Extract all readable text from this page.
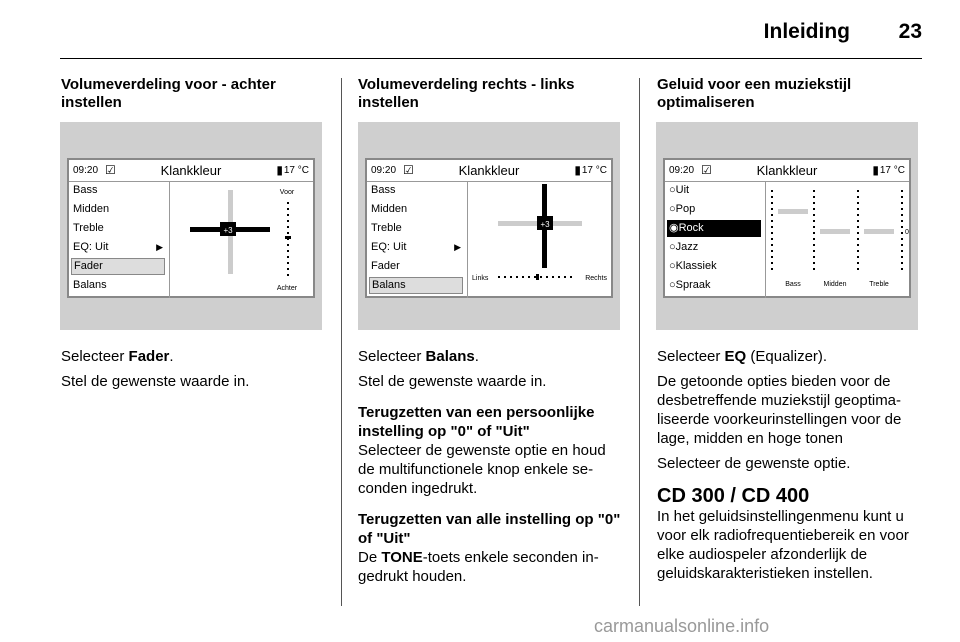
Inleiding	23
Volumeverdeling voor - achter instellen
09:20 ☑	Klankkleur	▮ 17 °C
Bass
Midden
Treble
EQ: Uit	▶
Fader
Balans
+3
Voor
Achter

Selecteer Fader.

Stel de gewenste waarde in.

Volumeverdeling rechts - links instellen
09:20 ☑	Klankkleur	▮ 17 °C
Bass
Midden
Treble
EQ: Uit	▶
Fader
Balans
+3
Links	Rechts

Selecteer Balans.

Stel de gewenste waarde in.

Terugzetten van een persoonlijke instelling op "0" of "Uit"

Selecteer de gewenste optie en houd de multifunctionele knop enkele se-conden ingedrukt.

Terugzetten van alle instelling op "0" of "Uit"

De TONE-toets enkele seconden in-gedrukt houden.

Geluid voor een muziekstijl optimaliseren
09:20 ☑	Klankkleur	▮ 17 °C
○Uit
○Pop
◉Rock
○Jazz
○Klassiek
○Spraak
0
Bass	Midden	Treble

Selecteer EQ (Equalizer).

De getoonde opties bieden voor de desbetreffende muziekstijl geoptima-liseerde voorkeurinstellingen voor de lage, midden en hoge tonen

Selecteer de gewenste optie.

CD 300 / CD 400

In het geluidsinstellingenmenu kunt u voor elk radiofrequentiebereik en voor elke audiospeler afzonderlijk de geluidskarakteristieken instellen.

carmanualsonline.info
